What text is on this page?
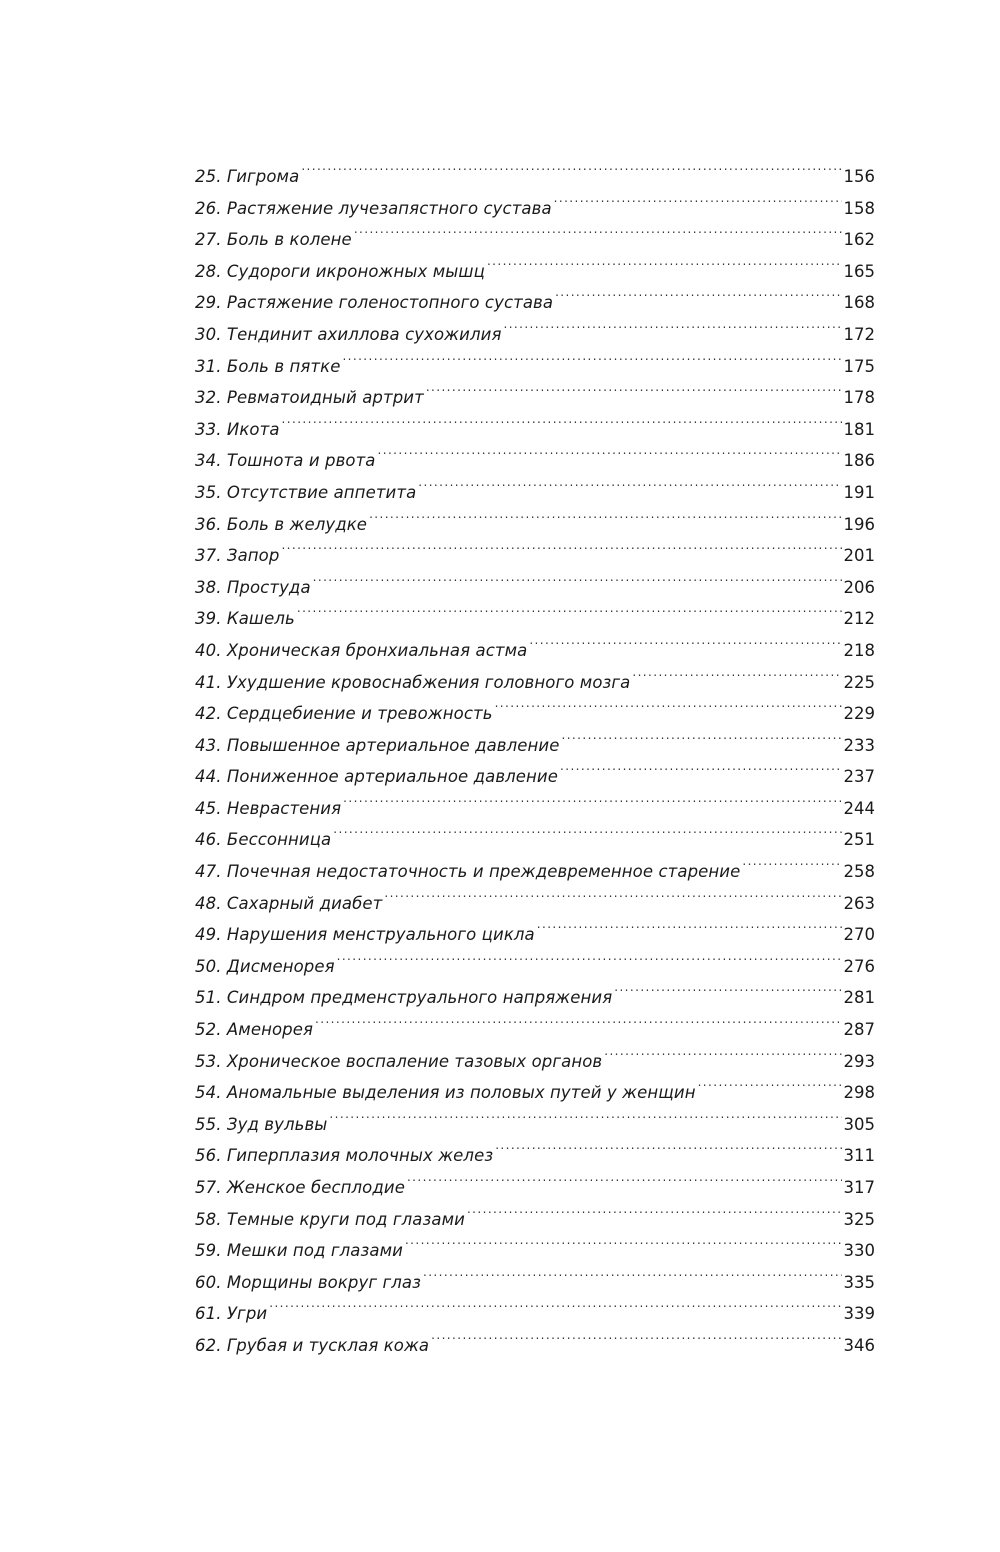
25. Гигрома .....	156
26. Растяжение лучезапястного сустава .....	158
27. Боль в колене .....	162
28. Судороги икроножных мышц .....	165
29. Растяжение голеностопного сустава .....	168
30. Тендинит ахиллова сухожилия .....	172
31. Боль в пятке .....	175
32. Ревматоидный артрит .....	178
33. Икота .....	181
34. Тошнота и рвота .....	186
35. Отсутствие аппетита .....	191
36. Боль в желудке .....	196
37. Запор .....	201
38. Простуда .....	206
39. Кашель .....	212
40. Хроническая бронхиальная астма .....	218
41. Ухудшение кровоснабжения головного мозга .....	225
42. Сердцебиение и тревожность .....	229
43. Повышенное артериальное давление .....	233
44. Пониженное артериальное давление .....	237
45. Неврастения .....	244
46. Бессонница .....	251
47. Почечная недостаточность и преждевременное старение .....	258
48. Сахарный диабет .....	263
49. Нарушения менструального цикла .....	270
50. Дисменорея .....	276
51. Синдром предменструального напряжения .....	281
52. Аменорея .....	287
53. Хроническое воспаление тазовых органов .....	293
54. Аномальные выделения из половых путей у женщин .....	298
55. Зуд вульвы .....	305
56. Гиперплазия молочных желез .....	311
57. Женское бесплодие .....	317
58. Темные круги под глазами .....	325
59. Мешки под глазами .....	330
60. Морщины вокруг глаз .....	335
61. Угри .....	339
62. Грубая и тусклая кожа .....	346
